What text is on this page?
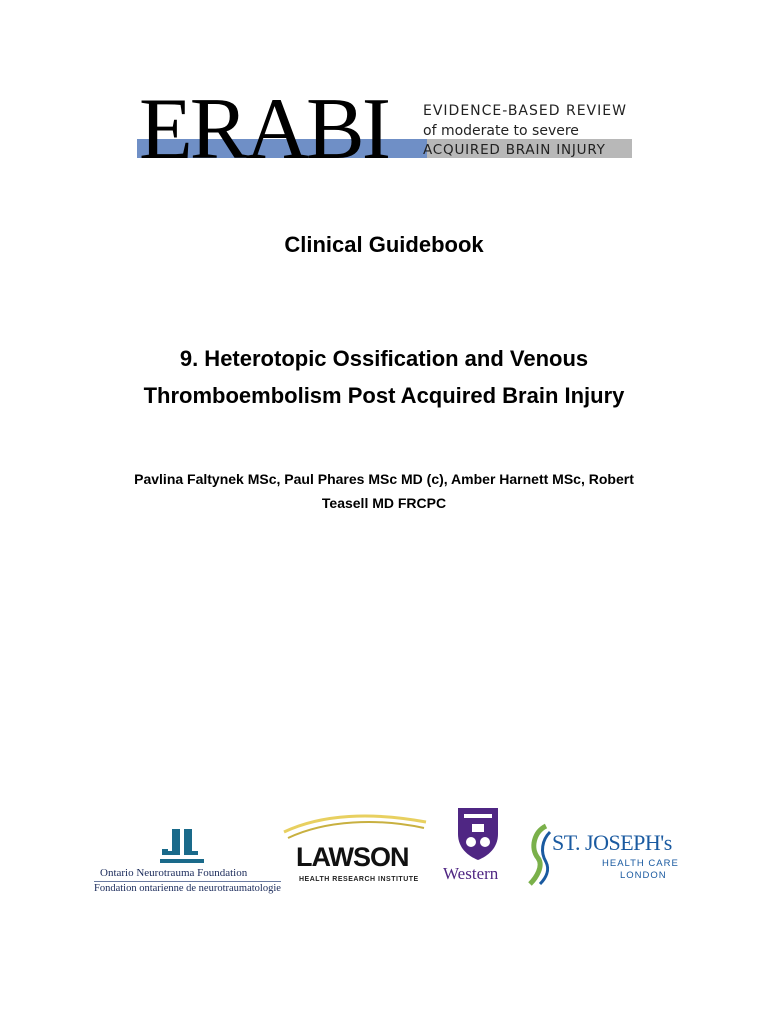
ERABI	EVIDENCE-BASED REVIEW
of moderate to severe
ACQUIRED BRAIN INJURY
Clinical Guidebook
9. Heterotopic Ossification and Venous
Thromboembolism Post Acquired Brain Injury
Pavlina Faltynek MSc, Paul Phares MSc MD (c), Amber Harnett MSc, Robert
Teasell MD FRCPC
Ontario Neurotrauma Foundation
Fondation ontarienne de neurotraumatologie
LAWSON
HEALTH RESEARCH INSTITUTE Western
ST. JOSEPH's
HEALTH CARE
LONDON
